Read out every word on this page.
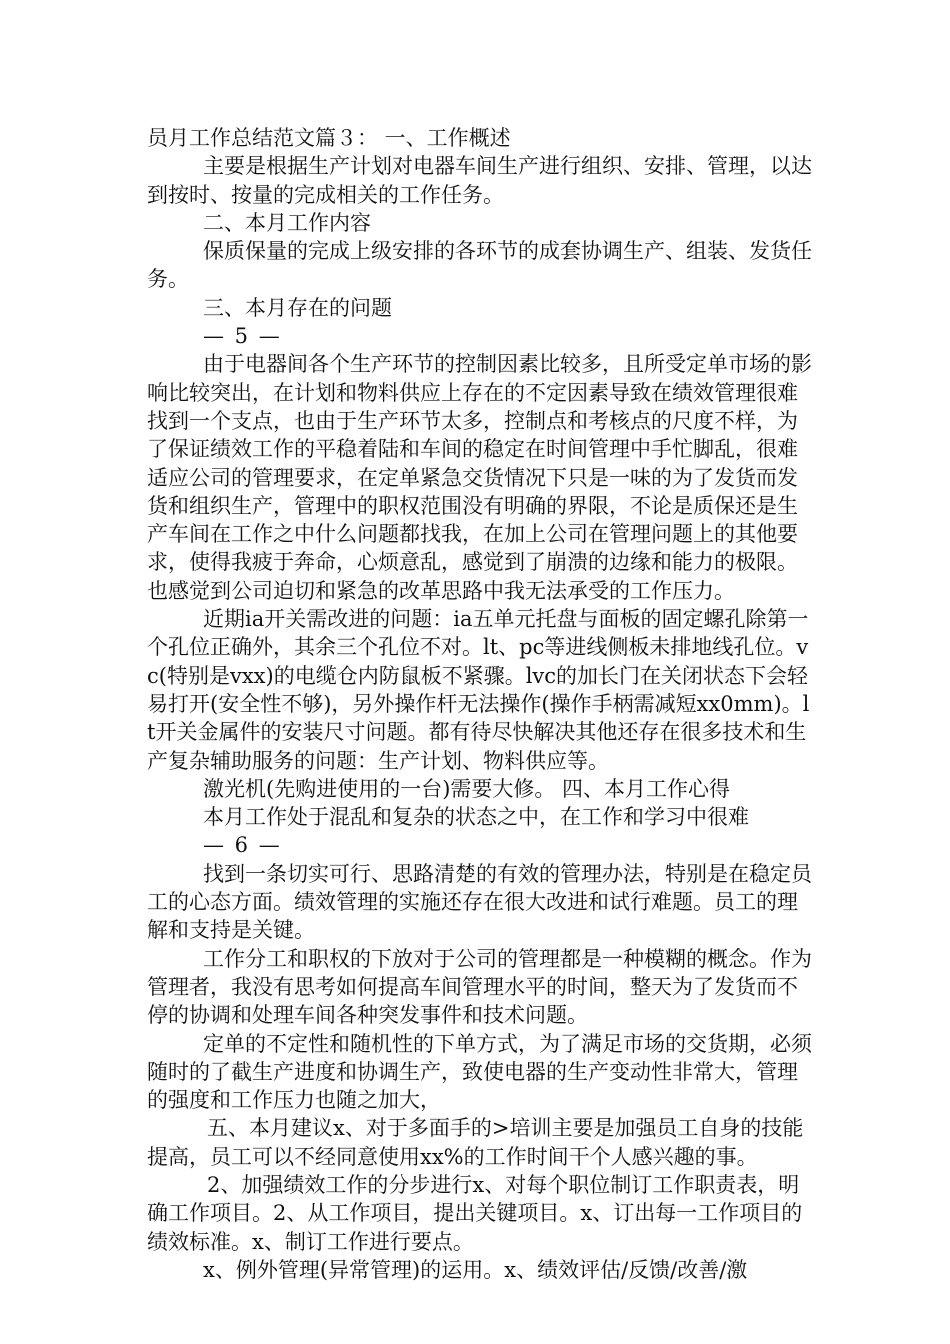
员月工作总结范文篇３： 一、工作概述

主要是根据生产计划对电器车间生产进行组织、安排、管理，以达到按时、按量的完成相关的工作任务。

二、本月工作内容

保质保量的完成上级安排的各环节的成套协调生产、组装、发货任务。

三、本月存在的问题

— 5 —

由于电器间各个生产环节的控制因素比较多，且所受定单市场的影响比较突出，在计划和物料供应上存在的不定因素导致在绩效管理很难找到一个支点，也由于生产环节太多，控制点和考核点的尺度不样，为了保证绩效工作的平稳着陆和车间的稳定在时间管理中手忙脚乱，很难适应公司的管理要求，在定单紧急交货情况下只是一味的为了发货而发货和组织生产，管理中的职权范围没有明确的界限，不论是质保还是生产车间在工作之中什么问题都找我，在加上公司在管理问题上的其他要求，使得我疲于奔命，心烦意乱，感觉到了崩溃的边缘和能力的极限。也感觉到公司迫切和紧急的改革思路中我无法承受的工作压力。

近期ia开关需改进的问题：ia五单元托盘与面板的固定螺孔除第一个孔位正确外，其余三个孔位不对。lt、pc等进线侧板未排地线孔位。vc(特别是vxx)的电缆仓内防鼠板不紧骤。lvc的加长门在关闭状态下会轻易打开(安全性不够)，另外操作杆无法操作(操作手柄需减短xx0mm)。lt开关金属件的安装尺寸问题。都有待尽快解决其他还存在很多技术和生产复杂辅助服务的问题：生产计划、物料供应等。

激光机(先购进使用的一台)需要大修。 四、本月工作心得

本月工作处于混乱和复杂的状态之中，在工作和学习中很难

— 6 —

找到一条切实可行、思路清楚的有效的管理办法，特别是在稳定员工的心态方面。绩效管理的实施还存在很大改进和试行难题。员工的理解和支持是关键。

工作分工和职权的下放对于公司的管理都是一种模糊的概念。作为管理者，我没有思考如何提高车间管理水平的时间，整天为了发货而不停的协调和处理车间各种突发事件和技术问题。

定单的不定性和随机性的下单方式，为了满足市场的交货期，必须随时的了截生产进度和协调生产，致使电器的生产变动性非常大，管理的强度和工作压力也随之加大，

五、本月建议x、对于多面手的>培训主要是加强员工自身的技能提高，员工可以不经同意使用xx%的工作时间干个人感兴趣的事。

2、加强绩效工作的分步进行x、对每个职位制订工作职责表，明确工作项目。2、从工作项目，提出关键项目。x、订出每一工作项目的绩效标准。x、制订工作进行要点。

x、例外管理(异常管理)的运用。x、绩效评估/反馈/改善/激
